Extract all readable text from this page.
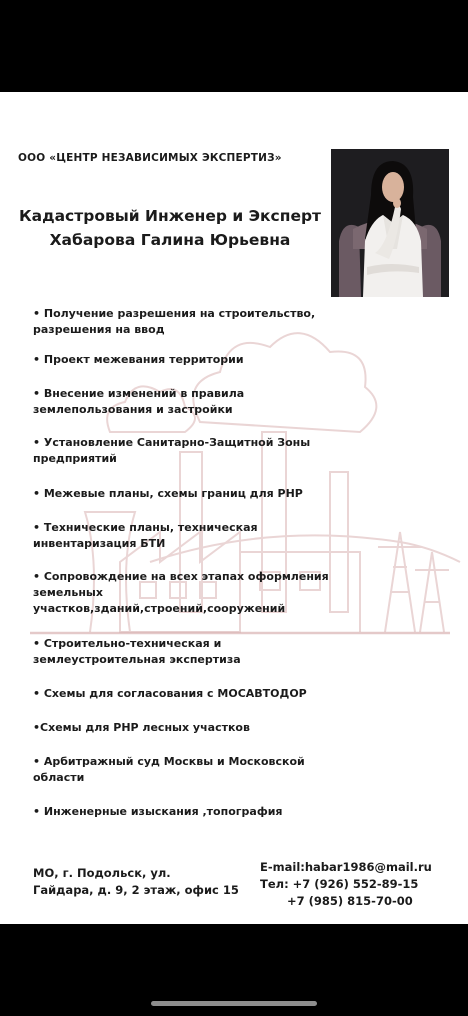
ООО «ЦЕНТР НЕЗАВИСИМЫХ ЭКСПЕРТИЗ»
Кадастровый Инженер и Эксперт
Хабарова Галина Юрьевна
• Получение разрешения на строительство,
разрешения на ввод
• Проект межевания территории
• Внесение изменений в правила
землепользования и застройки
• Установление Санитарно-Защитной Зоны
предприятий
• Межевые планы, схемы границ для РНР
• Технические планы, техническая
инвентаризация БТИ
• Сопровождение на всех этапах оформления
земельных
участков,зданий,строений,сооружений
• Строительно-техническая и
землеустроительная экспертиза
• Схемы для согласования с МОСАВТОДОР
•Схемы для РНР лесных участков
• Арбитражный суд Москвы и Московской
области
• Инженерные изыскания ,топография
МО, г. Подольск, ул.
Гайдара, д. 9, 2 этаж, офис 15
E-mail:habar1986@mail.ru
Тел: +7 (926) 552-89-15
+7 (985) 815-70-00
